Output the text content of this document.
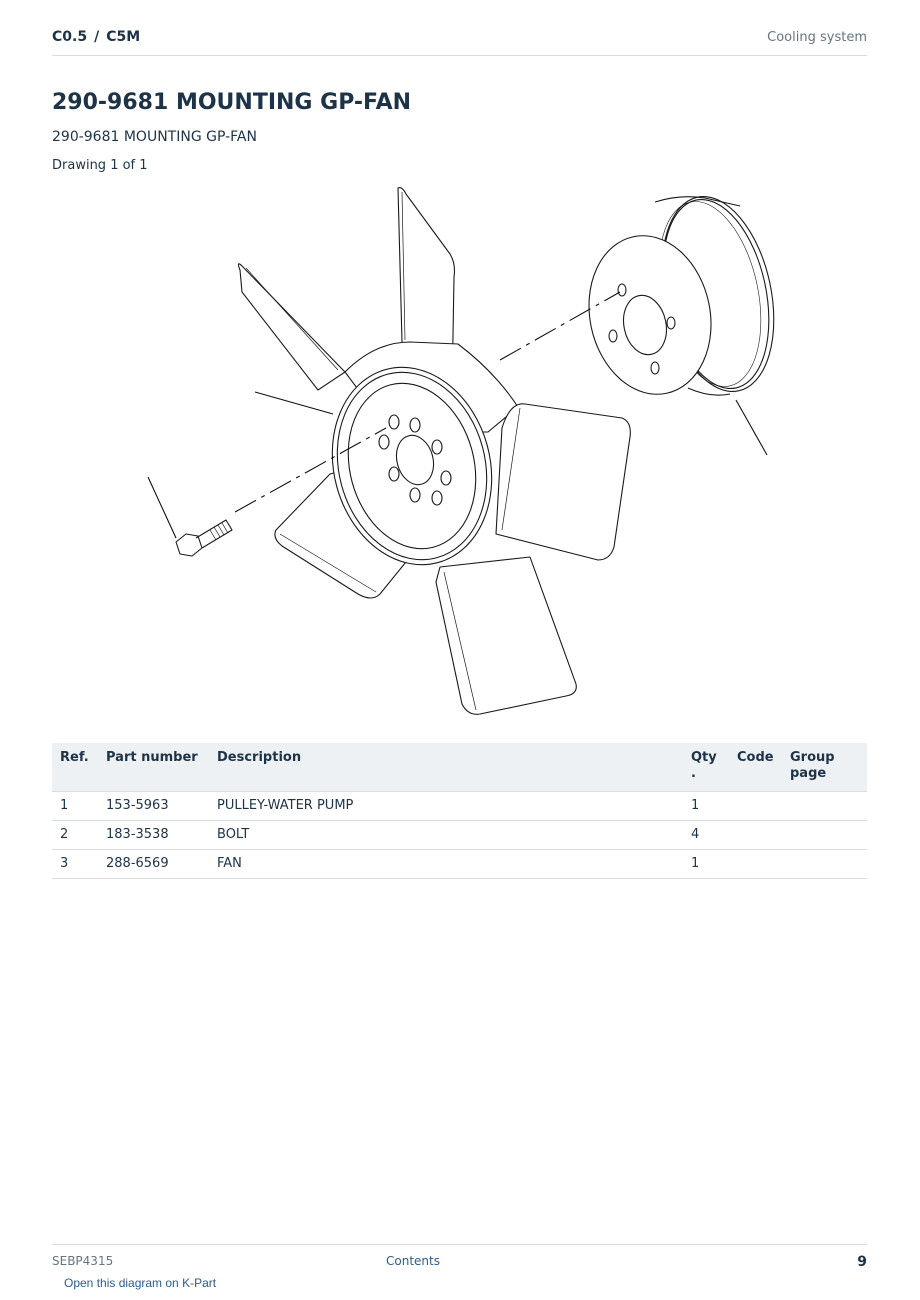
C0.5 / C5M	Cooling system
290-9681 MOUNTING GP-FAN
290-9681 MOUNTING GP-FAN
Drawing 1 of 1
Ref.	Part number	Description	Qty .	Code	Group page
1	153-5963	PULLEY-WATER PUMP	1		
2	183-3538	BOLT	4		
3	288-6569	FAN	1		
SEBP4315	Contents	9
Open this diagram on K-Part
